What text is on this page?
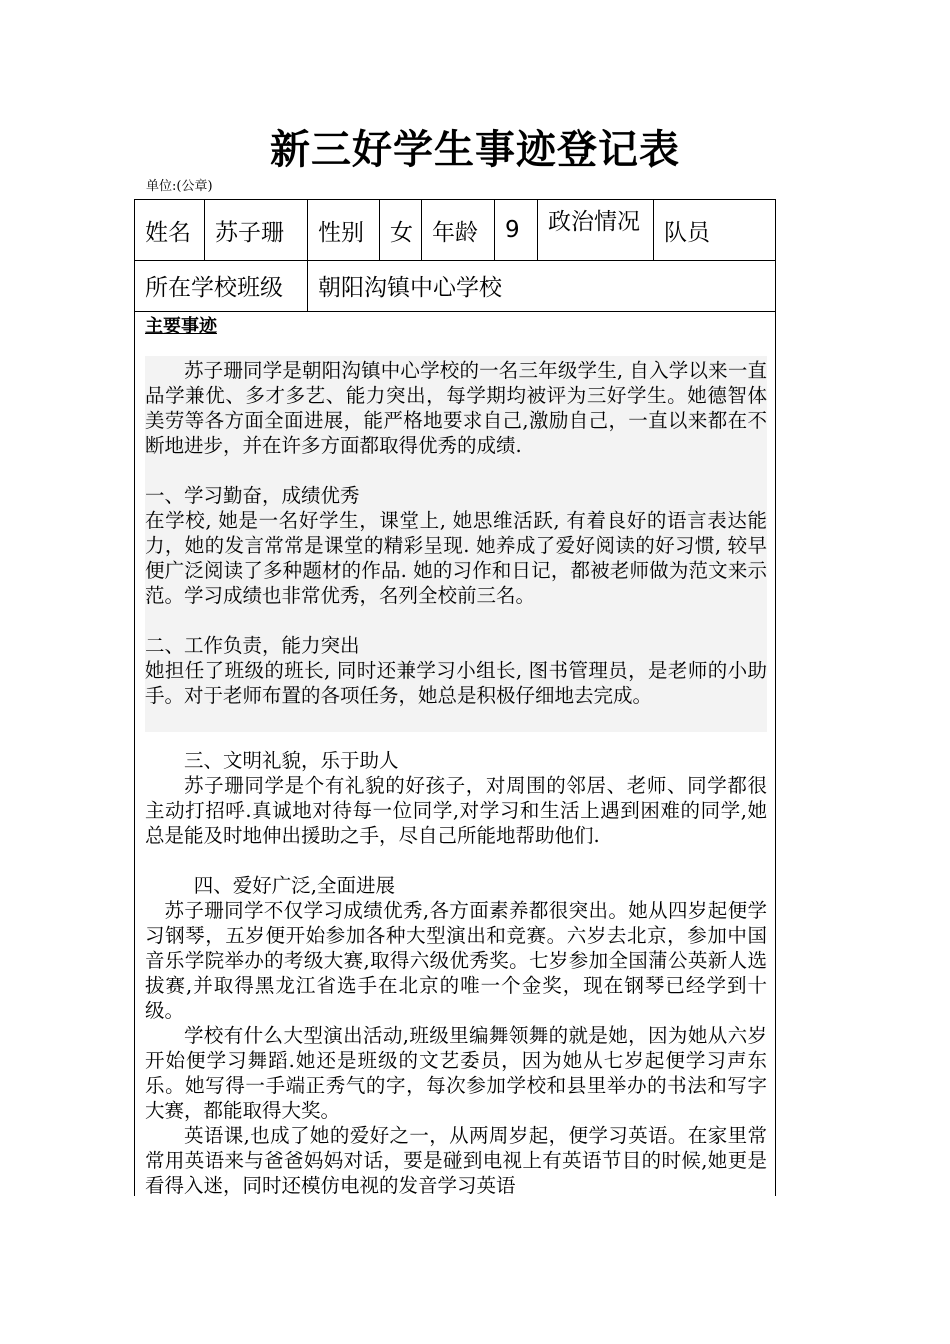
新三好学生事迹登记表
单位:(公章)
姓名	苏子珊	性别	女 年龄	9	政治情况	队员
所在学校班级	朝阳沟镇中心学校
主要事迹

苏子珊同学是朝阳沟镇中心学校的一名三年级学生, 自入学以来一直品学兼优、多才多艺、能力突出，每学期均被评为三好学生。她德智体美劳等各方面全面进展，能严格地要求自己,激励自己，一直以来都在不断地进步，并在许多方面都取得优秀的成绩.

一、学习勤奋，成绩优秀

在学校, 她是一名好学生，课堂上, 她思维活跃, 有着良好的语言表达能力，她的发言常常是课堂的精彩呈现. 她养成了爱好阅读的好习惯, 较早便广泛阅读了多种题材的作品. 她的习作和日记，都被老师做为范文来示范。学习成绩也非常优秀，名列全校前三名。

二、工作负责，能力突出

她担任了班级的班长, 同时还兼学习小组长, 图书管理员，是老师的小助手。对于老师布置的各项任务，她总是积极仔细地去完成。

三、文明礼貌，乐于助人

苏子珊同学是个有礼貌的好孩子，对周围的邻居、老师、同学都很主动打招呼.真诚地对待每一位同学,对学习和生活上遇到困难的同学,她总是能及时地伸出援助之手，尽自己所能地帮助他们.

四、爱好广泛,全面进展

苏子珊同学不仅学习成绩优秀,各方面素养都很突出。她从四岁起便学习钢琴，五岁便开始参加各种大型演出和竞赛。六岁去北京，参加中国音乐学院举办的考级大赛,取得六级优秀奖。七岁参加全国蒲公英新人选拔赛,并取得黑龙江省选手在北京的唯一个金奖，现在钢琴已经学到十级。

学校有什么大型演出活动,班级里编舞领舞的就是她，因为她从六岁开始便学习舞蹈.她还是班级的文艺委员，因为她从七岁起便学习声东乐。她写得一手端正秀气的字，每次参加学校和县里举办的书法和写字大赛，都能取得大奖。

英语课,也成了她的爱好之一，从两周岁起，便学习英语。在家里常常用英语来与爸爸妈妈对话，要是碰到电视上有英语节目的时候,她更是看得入迷，同时还模仿电视的发音学习英语
